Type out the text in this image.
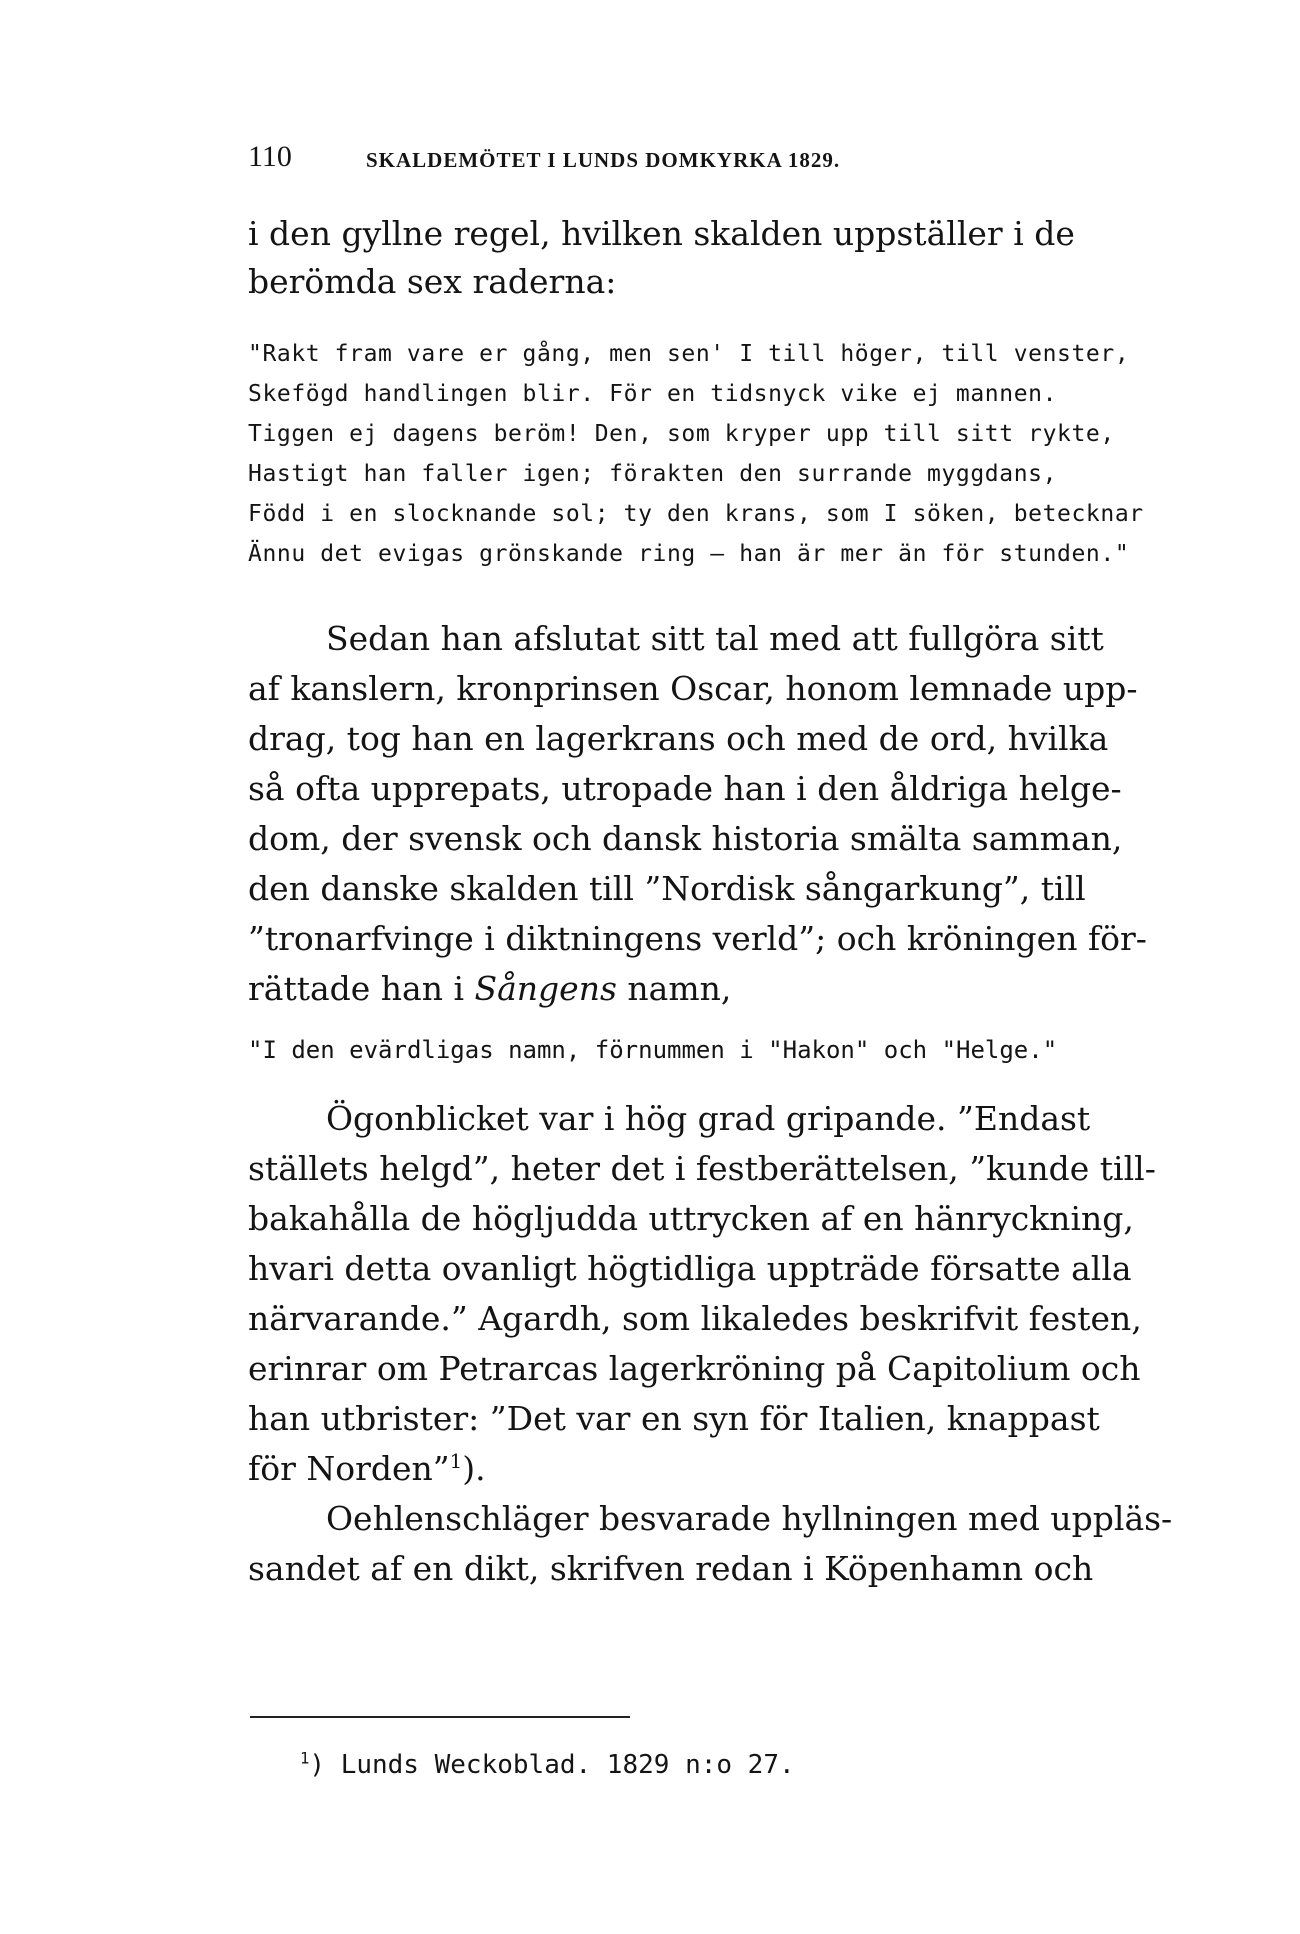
110	SKALDEMÖTET I LUNDS DOMKYRKA 1829.
i den gyllne regel, hvilken skalden uppställer i de
berömda sex raderna:
"Rakt fram vare er gång, men sen' I till höger, till venster,
Skefögd handlingen blir. För en tidsnyck vike ej mannen.
Tiggen ej dagens beröm! Den, som kryper upp till sitt rykte,
Hastigt han faller igen; förakten den surrande myggdans,
Född i en slocknande sol; ty den krans, som I söken, betecknar
Ännu det evigas grönskande ring — han är mer än för stunden."
Sedan han afslutat sitt tal med att fullgöra sitt
af kanslern, kronprinsen Oscar, honom lemnade upp-
drag, tog han en lagerkrans och med de ord, hvilka
så ofta upprepats, utropade han i den åldriga helge-
dom, der svensk och dansk historia smälta samman,
den danske skalden till ”Nordisk sångarkung”, till
”tronarfvinge i diktningens verld”; och kröningen för-
rättade han i Sångens namn,
"I den evärdligas namn, förnummen i "Hakon" och "Helge."
Ögonblicket var i hög grad gripande. ”Endast
ställets helgd”, heter det i festberättelsen, ”kunde till-
bakahålla de högljudda uttrycken af en hänryckning,
hvari detta ovanligt högtidliga uppträde försatte alla
närvarande.” Agardh, som likaledes beskrifvit festen,
erinrar om Petrarcas lagerkröning på Capitolium och
han utbrister: ”Det var en syn för Italien, knappast
för Norden”$^1$).
Oehlenschläger besvarade hyllningen med uppläs-
sandet af en dikt, skrifven redan i Köpenhamn och
$^1$) Lunds Weckoblad. 1829 n:o 27.
